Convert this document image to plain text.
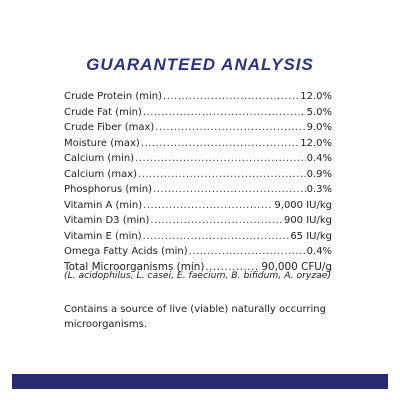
GUARANTEED ANALYSIS
Crude Protein (min) .....	12.0%
Crude Fat (min) .....	5.0%
Crude Fiber (max) .....	9.0%
Moisture (max) .....	12.0%
Calcium (min) .....	0.4%
Calcium (max) .....	0.9%
Phosphorus (min) .....	0.3%
Vitamin A (min) .....	9,000 IU/kg
Vitamin D3 (min) .....	900 IU/kg
Vitamin E (min) .....	65 IU/kg
Omega Fatty Acids (min) .....	0.4%
Total Microorganisms (min) .....	90,000 CFU/g
(L. acidophilus, L. casei, E. faecium, B. bifidum, A. oryzae)
Contains a source of live (viable) naturally occurring microorganisms.
